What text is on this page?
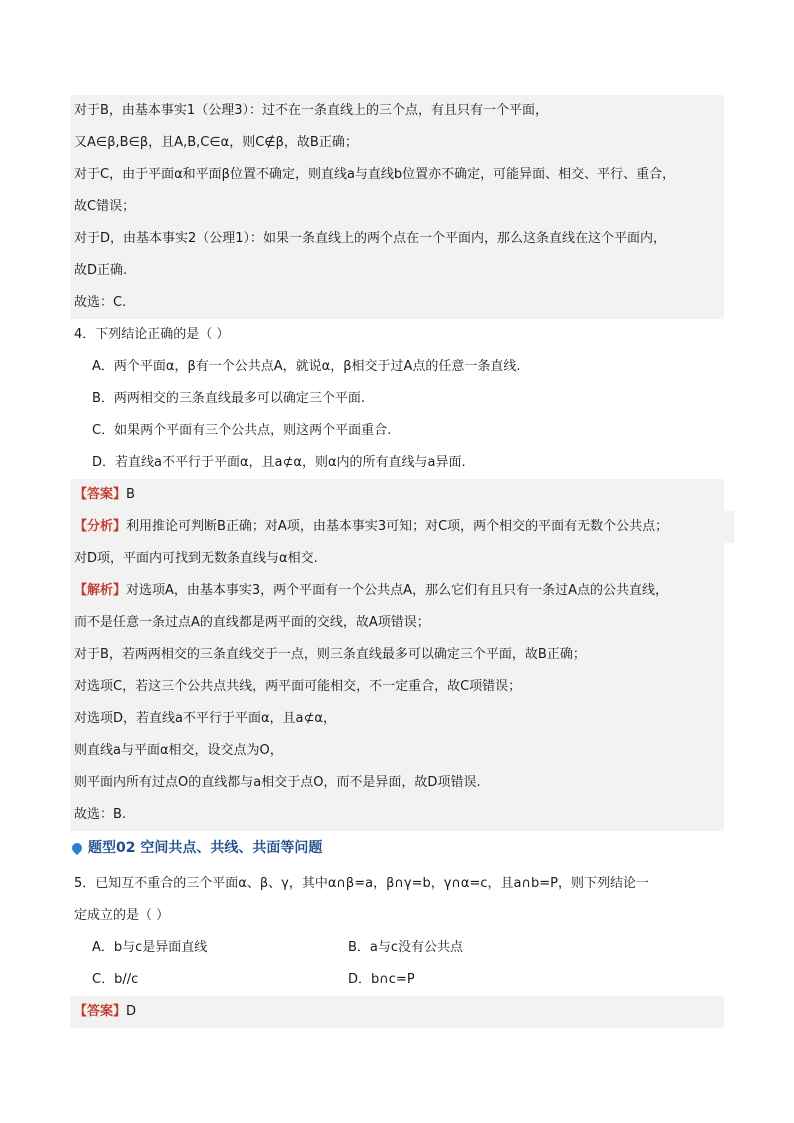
对于B，由基本事实1（公理3）：过不在一条直线上的三个点，有且只有一个平面，
又A∈β,B∈β，且A,B,C∈α，则C∉β，故B正确；
对于C，由于平面α和平面β位置不确定，则直线a与直线b位置亦不确定，可能异面、相交、平行、重合，
故C错误；
对于D，由基本事实2（公理1）：如果一条直线上的两个点在一个平面内，那么这条直线在这个平面内，
故D正确.
故选：C.
4．下列结论正确的是（ ）
A．两个平面α，β有一个公共点A，就说α，β相交于过A点的任意一条直线.
B．两两相交的三条直线最多可以确定三个平面.
C．如果两个平面有三个公共点，则这两个平面重合.
D．若直线a不平行于平面α，且a⊄α，则α内的所有直线与a异面.
【答案】B
【分析】利用推论可判断B正确；对A项，由基本事实3可知；对C项，两个相交的平面有无数个公共点；
对D项，平面内可找到无数条直线与α相交.
【解析】对选项A，由基本事实3，两个平面有一个公共点A，那么它们有且只有一条过A点的公共直线，
而不是任意一条过点A的直线都是两平面的交线，故A项错误；
对于B，若两两相交的三条直线交于一点，则三条直线最多可以确定三个平面，故B正确；
对选项C，若这三个公共点共线，两平面可能相交，不一定重合，故C项错误；
对选项D，若直线a不平行于平面α，且a⊄α，
则直线a与平面α相交，设交点为O，
则平面内所有过点O的直线都与a相交于点O，而不是异面，故D项错误.
故选：B.
题型02 空间共点、共线、共面等问题
5．已知互不重合的三个平面α、β、γ，其中α∩β=a，β∩γ=b，γ∩α=c，且a∩b=P，则下列结论一
定成立的是（ ）
A．b与c是异面直线	B．a与c没有公共点
C．b//c	D．b∩c=P
【答案】D
